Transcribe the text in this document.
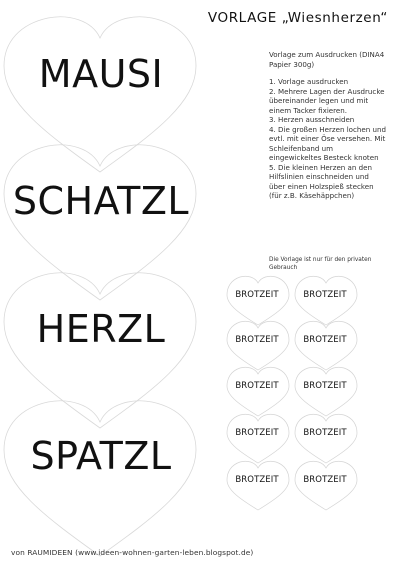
VORLAGE „Wiesnherzen“
MAUSI
SCHATZL
HERZL
SPATZL
BROTZEIT	BROTZEIT
BROTZEIT	BROTZEIT
BROTZEIT	BROTZEIT
BROTZEIT	BROTZEIT
BROTZEIT	BROTZEIT

Vorlage zum Ausdrucken (DINA4 Papier 300g)

1. Vorlage ausdrucken

2. Mehrere Lagen der Ausdrucke übereinander legen und mit einem Tacker fixieren.

3. Herzen ausschneiden

4. Die großen Herzen lochen und evtl. mit einer Öse versehen. Mit Schleifenband um eingewickeltes Besteck knoten

5. Die kleinen Herzen an den Hilfslinien einschneiden und über einen Holzspieß stecken (für z.B. Käsehäppchen)

Die Vorlage ist nur für den privaten Gebrauch
von RAUMIDEEN (www.ideen-wohnen-garten-leben.blogspot.de)
